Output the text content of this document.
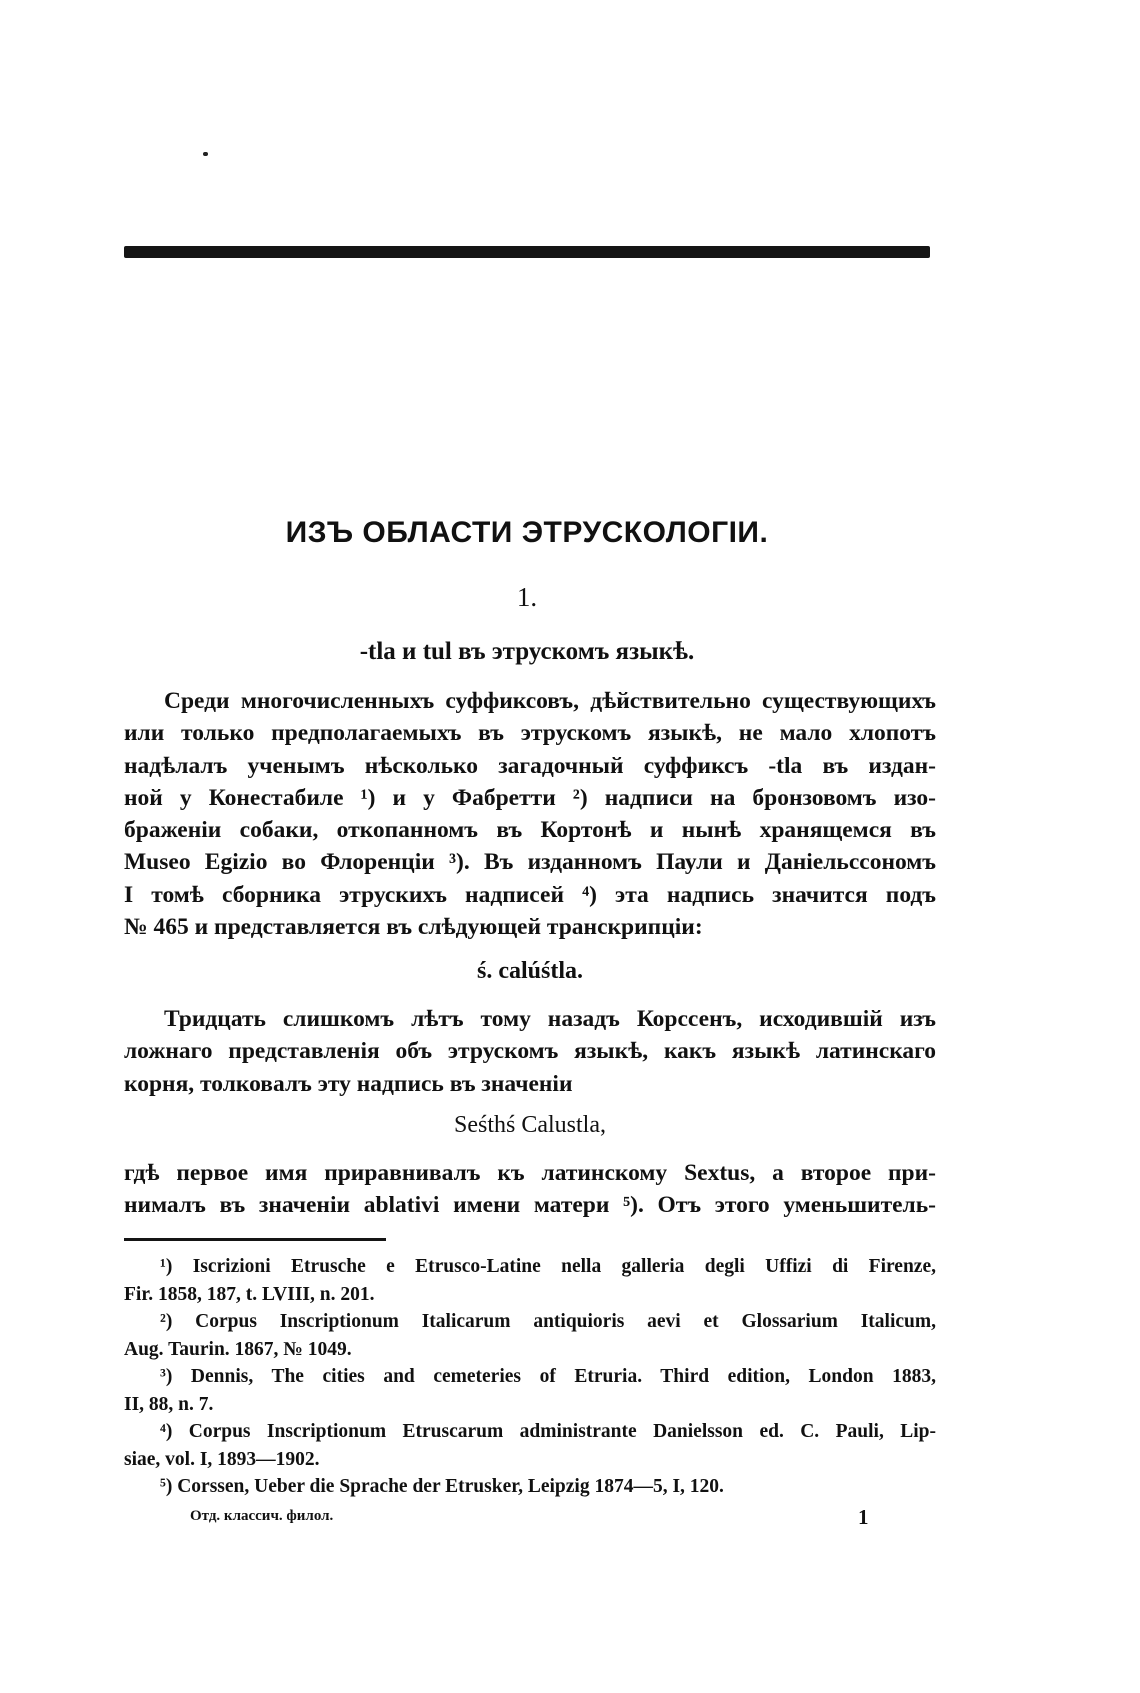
ИЗЪ ОБЛАСТИ ЭТРУСКОЛОГІИ.
1.
-tla и tul въ этрускомъ языкѣ.
Среди многочисленныхъ суффиксовъ, дѣйствительно существующихъ
или только предполагаемыхъ въ этрускомъ языкѣ, не мало хлопотъ
надѣлалъ ученымъ нѣсколько загадочный суффиксъ -tla въ издан-
ной у Конестабиле ¹) и у Фабретти ²) надписи на бронзовомъ изо-
браженіи собаки, откопанномъ въ Кортонѣ и нынѣ хранящемся въ
Museo Egizio во Флоренціи ³). Въ изданномъ Паули и Даніельссономъ
I томѣ сборника этрускихъ надписей ⁴) эта надпись значится подъ
№ 465 и представляется въ слѣдующей транскрипціи:
ś. calúśtla.
Тридцать слишкомъ лѣтъ тому назадъ Корссенъ, исходившій изъ
ложнаго представленія объ этрускомъ языкѣ, какъ языкѣ латинскаго
корня, толковалъ эту надпись въ значеніи
Seśthś Calustla,
гдѣ первое имя приравнивалъ къ латинскому Sextus, а второе при-
нималъ въ значеніи ablativi имени матери ⁵). Отъ этого уменьшитель-
¹) Iscrizioni Etrusche e Etrusco-Latine nella galleria degli Uffizi di Firenze,
Fir. 1858, 187, t. LVIII, n. 201.
²) Corpus Inscriptionum Italicarum antiquioris aevi et Glossarium Italicum,
Aug. Taurin. 1867, № 1049.
³) Dennis, The cities and cemeteries of Etruria. Third edition, London 1883,
II, 88, n. 7.
⁴) Corpus Inscriptionum Etruscarum administrante Danielsson ed. C. Pauli, Lip-
siae, vol. I, 1893—1902.
⁵) Corssen, Ueber die Sprache der Etrusker, Leipzig 1874—5, I, 120.
Отд. классич. филол.	1
